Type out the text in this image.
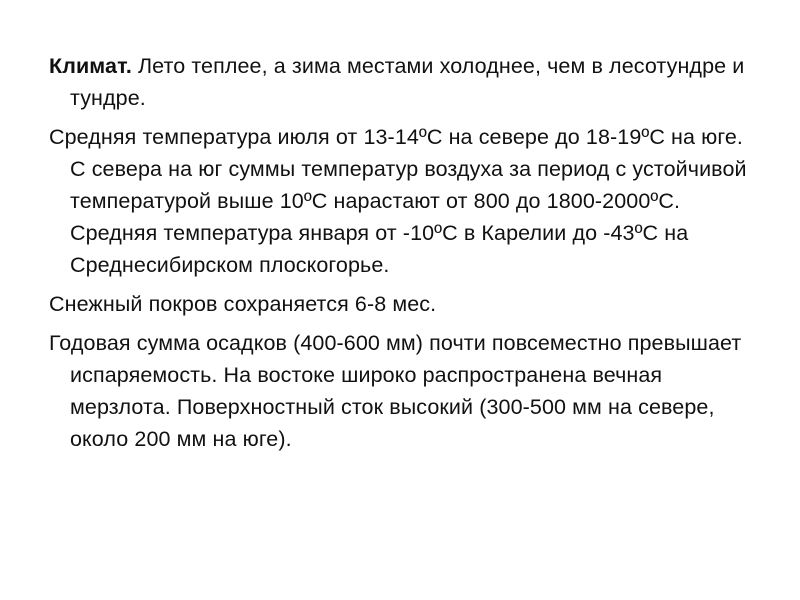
Климат. Лето теплее, а зима местами холоднее, чем в лесотундре и тундре.

Средняя температура июля от 13-14ºС на севере до 18-19ºС на юге. С севера на юг суммы температур воздуха за период с устойчивой температурой выше 10ºС нарастают от 800 до 1800-2000ºС. Средняя температура января от -10ºС в Карелии до -43ºС на Среднесибирском плоскогорье.

Снежный покров сохраняется 6-8 мес.

Годовая сумма осадков (400-600 мм) почти повсеместно превышает испаряемость. На востоке широко распространена вечная мерзлота. Поверхностный сток высокий (300-500 мм на севере, около 200 мм на юге).
